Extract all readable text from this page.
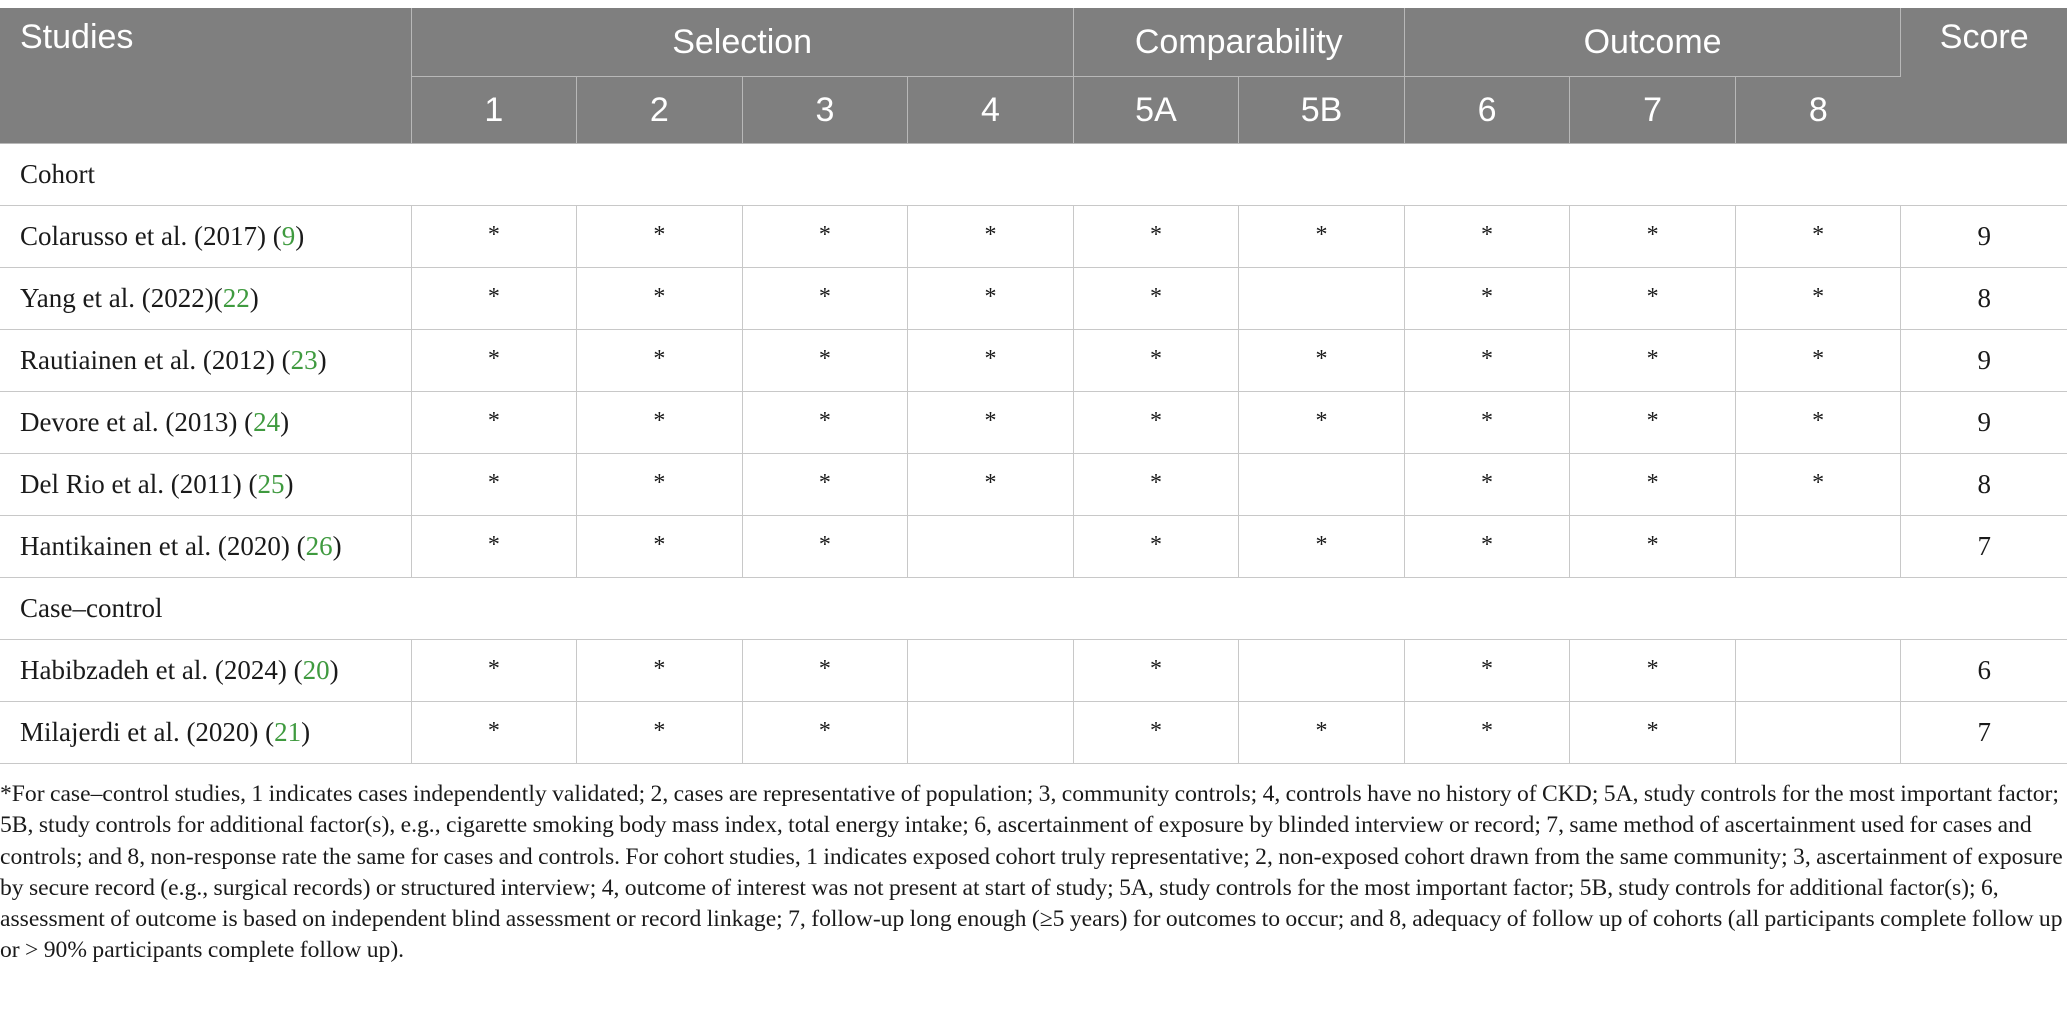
Studies	Selection				Comparability		Outcome			Score
	1	2	3	4	5A	5B	6	7	8	
Cohort										
Colarusso et al. (2017) (9)	*	*	*	*	*	*	*	*	*	9
Yang et al. (2022)(22)	*	*	*	*	*		*	*	*	8
Rautiainen et al. (2012) (23)	*	*	*	*	*	*	*	*	*	9
Devore et al. (2013) (24)	*	*	*	*	*	*	*	*	*	9
Del Rio et al. (2011) (25)	*	*	*	*	*		*	*	*	8
Hantikainen et al. (2020) (26)	*	*	*		*	*	*	*		7
Case–control										
Habibzadeh et al. (2024) (20)	*	*	*		*		*	*		6
Milajerdi et al. (2020) (21)	*	*	*		*	*	*	*		7

*For case–control studies, 1 indicates cases independently validated; 2, cases are representative of population; 3, community controls; 4, controls have no history of CKD; 5A, study controls for the most important factor; 5B, study controls for additional factor(s), e.g., cigarette smoking body mass index, total energy intake; 6, ascertainment of exposure by blinded interview or record; 7, same method of ascertainment used for cases and controls; and 8, non-response rate the same for cases and controls. For cohort studies, 1 indicates exposed cohort truly representative; 2, non-exposed cohort drawn from the same community; 3, ascertainment of exposure by secure record (e.g., surgical records) or structured interview; 4, outcome of interest was not present at start of study; 5A, study controls for the most important factor; 5B, study controls for additional factor(s); 6, assessment of outcome is based on independent blind assessment or record linkage; 7, follow-up long enough (≥5 years) for outcomes to occur; and 8, adequacy of follow up of cohorts (all participants complete follow up or > 90% participants complete follow up).
